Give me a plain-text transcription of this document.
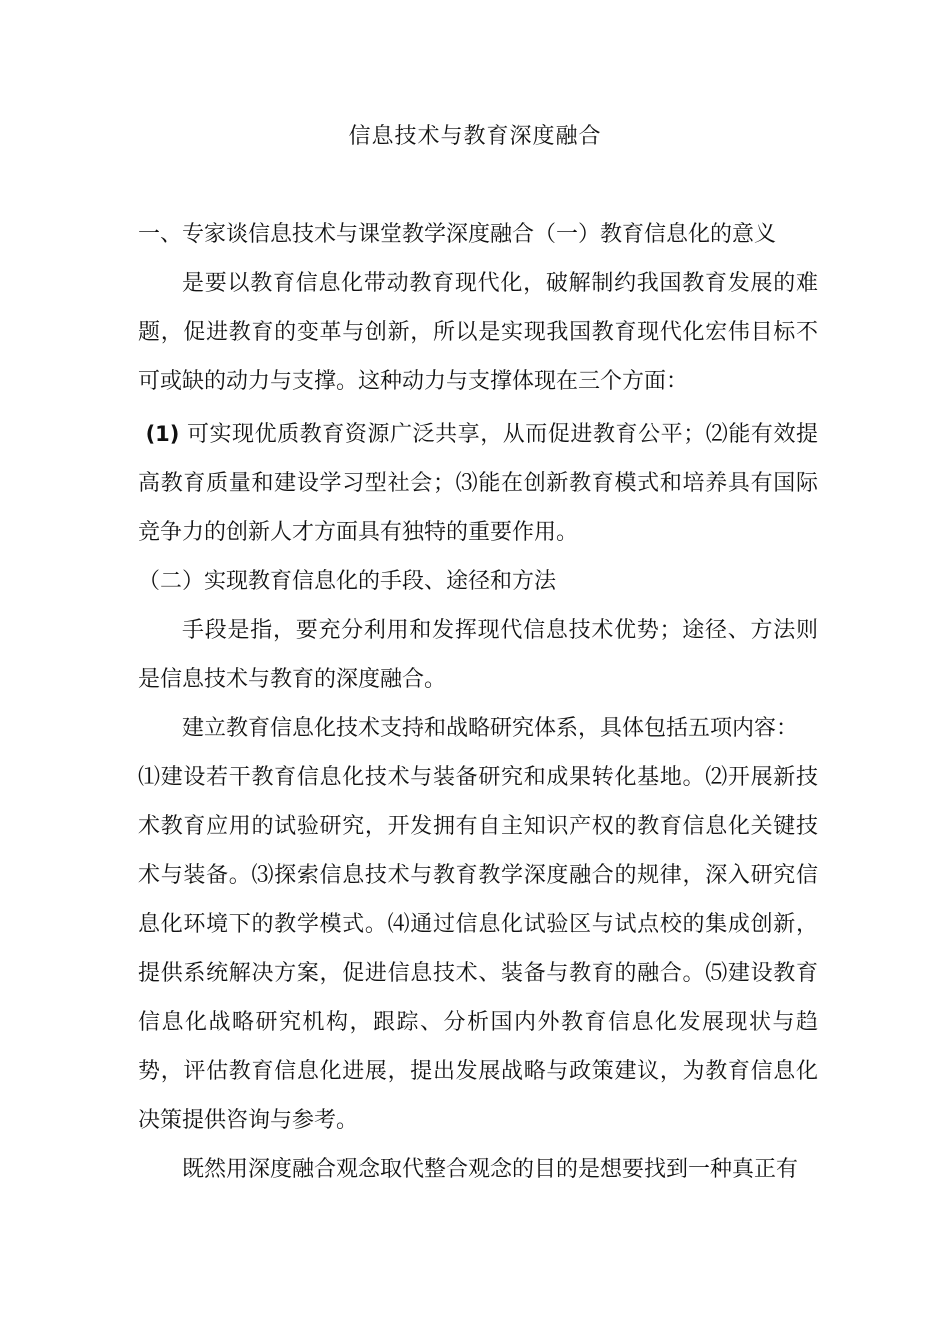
信息技术与教育深度融合

一、专家谈信息技术与课堂教学深度融合（一）教育信息化的意义

是要以教育信息化带动教育现代化，破解制约我国教育发展的难题，促进教育的变革与创新，所以是实现我国教育现代化宏伟目标不可或缺的动力与支撑。这种动力与支撑体现在三个方面：

(1) 可实现优质教育资源广泛共享，从而促进教育公平；⑵能有效提高教育质量和建设学习型社会；⑶能在创新教育模式和培养具有国际竞争力的创新人才方面具有独特的重要作用。

（二）实现教育信息化的手段、途径和方法

手段是指，要充分利用和发挥现代信息技术优势；途径、方法则是信息技术与教育的深度融合。

建立教育信息化技术支持和战略研究体系，具体包括五项内容：

⑴建设若干教育信息化技术与装备研究和成果转化基地。⑵开展新技术教育应用的试验研究，开发拥有自主知识产权的教育信息化关键技术与装备。⑶探索信息技术与教育教学深度融合的规律，深入研究信息化环境下的教学模式。⑷通过信息化试验区与试点校的集成创新，提供系统解决方案，促进信息技术、装备与教育的融合。⑸建设教育信息化战略研究机构，跟踪、分析国内外教育信息化发展现状与趋势，评估教育信息化进展，提出发展战略与政策建议，为教育信息化决策提供咨询与参考。

既然用深度融合观念取代整合观念的目的是想要找到一种真正有
